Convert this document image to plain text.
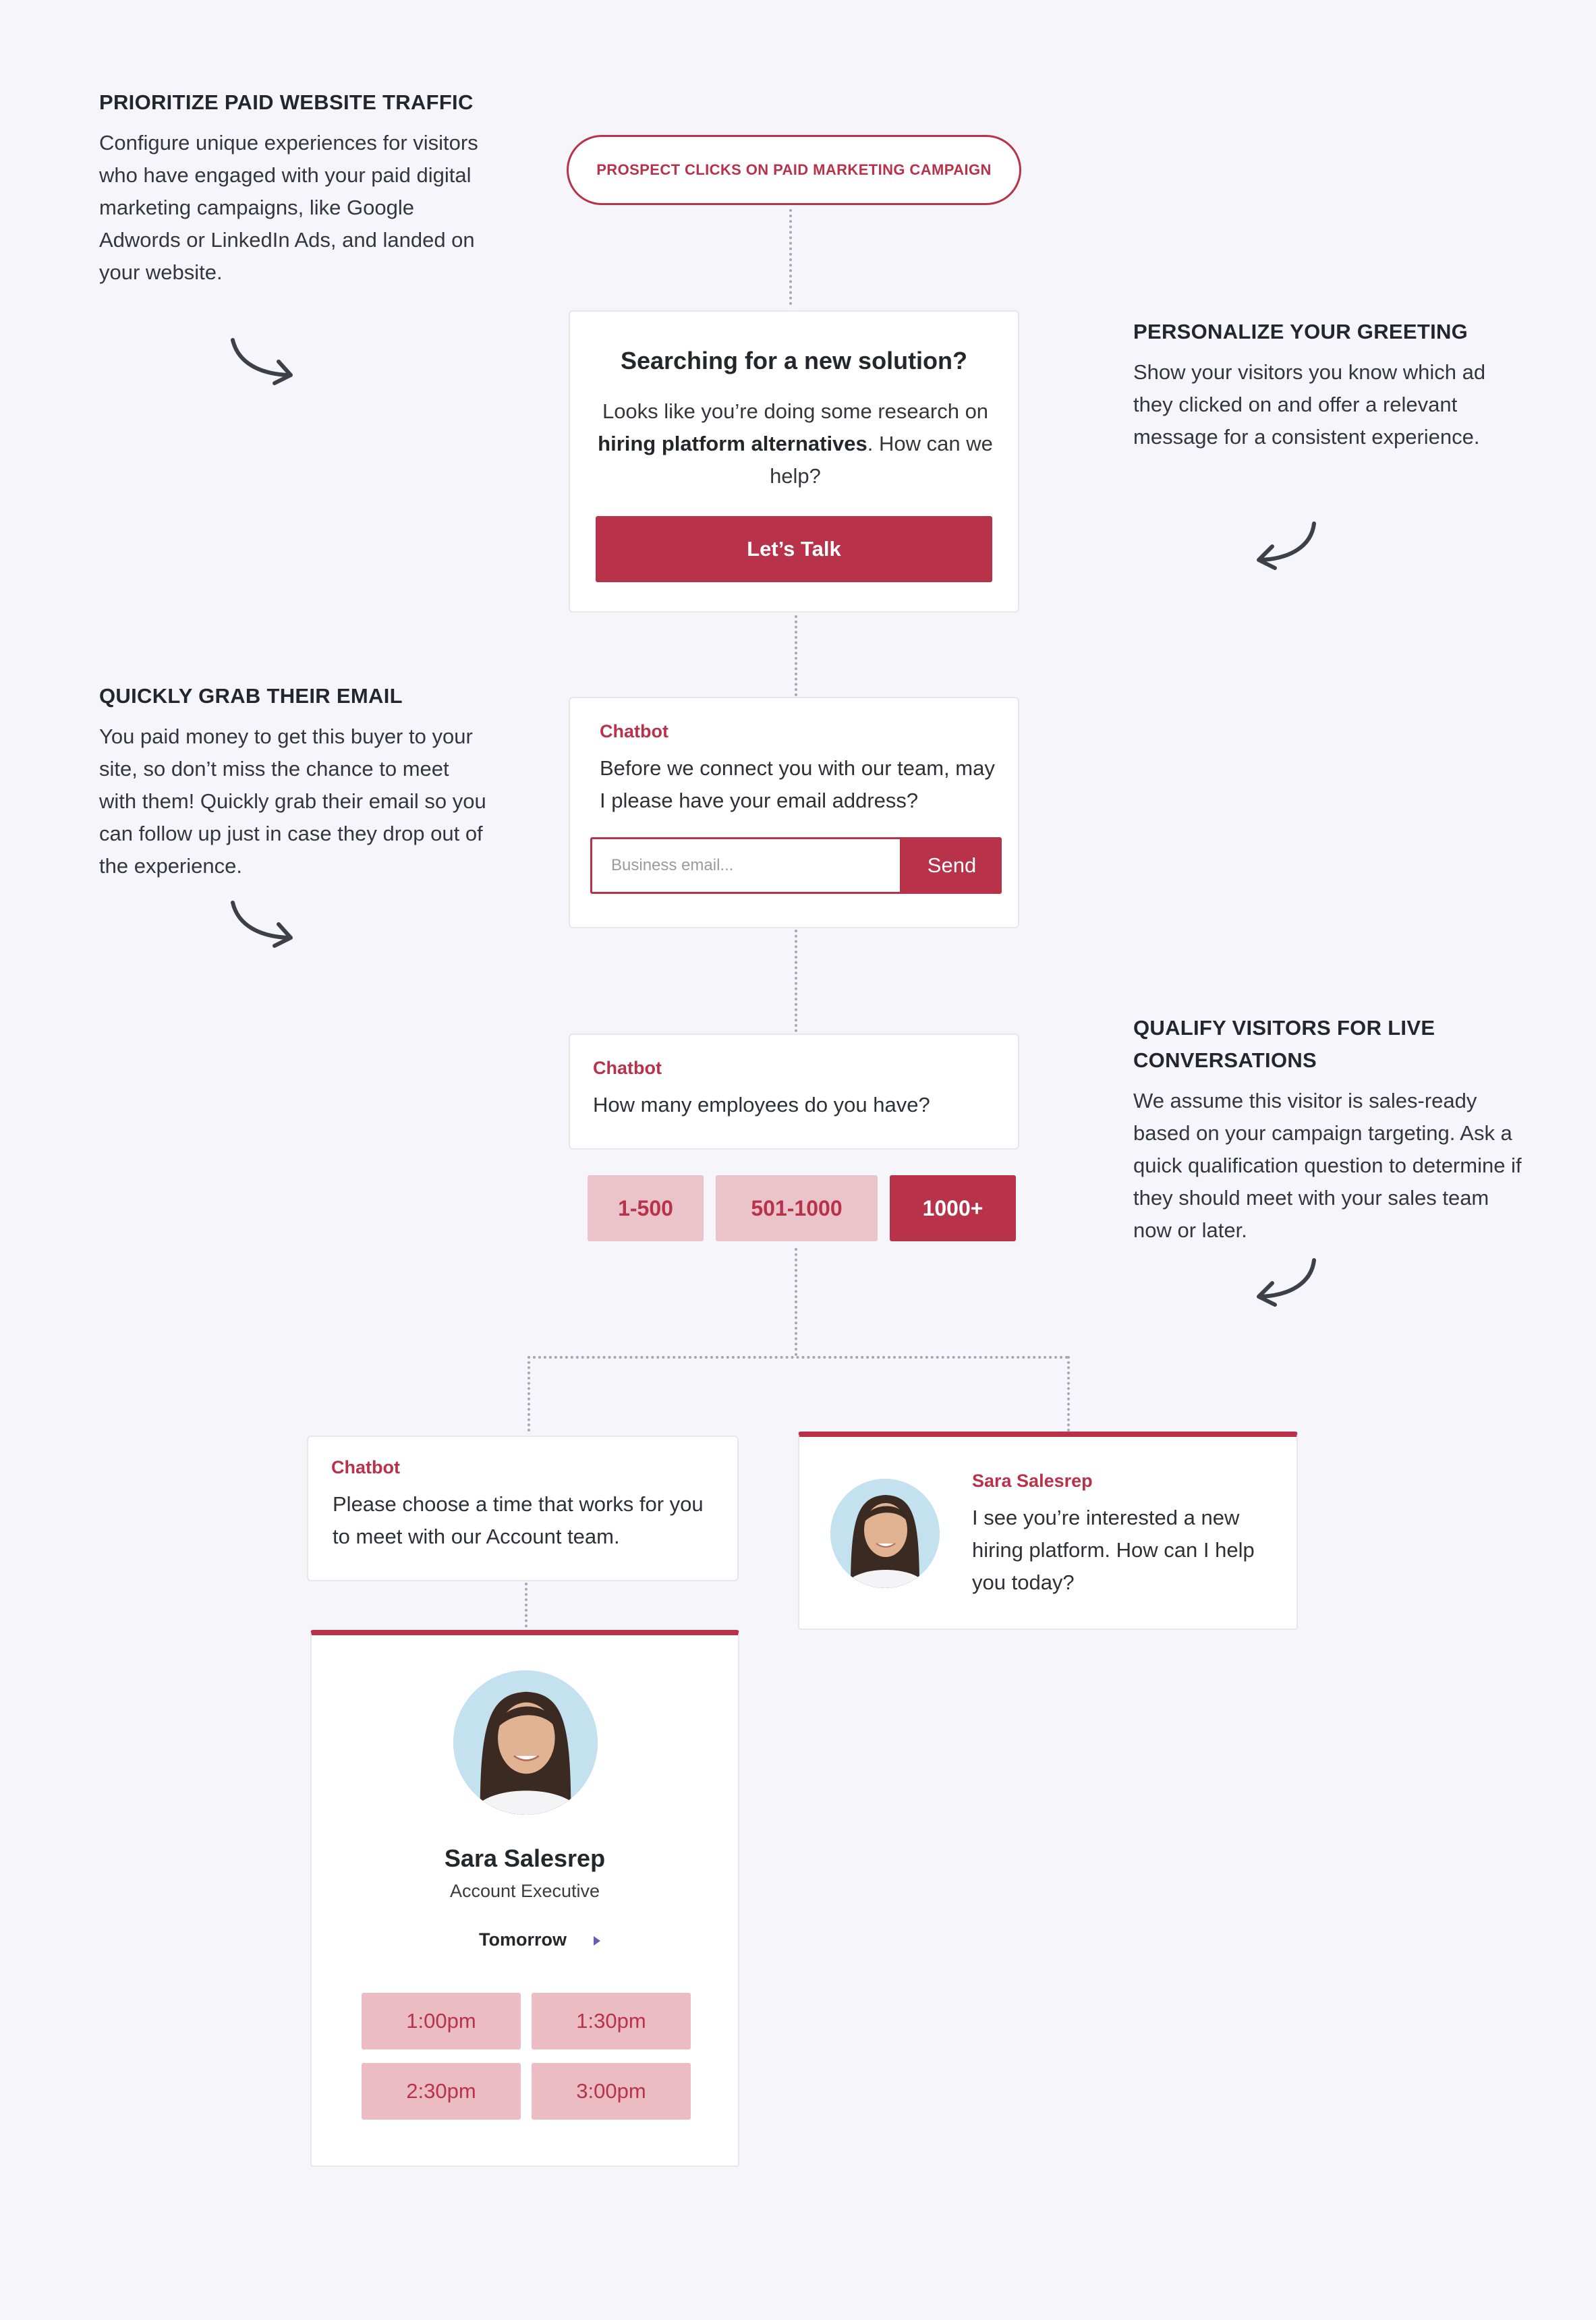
PRIORITIZE PAID WEBSITE TRAFFIC
Configure unique experiences for visitors who have engaged with your paid digital marketing campaigns, like Google Adwords or LinkedIn Ads, and landed on your website.
PERSONALIZE YOUR GREETING
Show your visitors you know which ad they clicked on and offer a relevant message for a consistent experience.
QUICKLY GRAB THEIR EMAIL
You paid money to get this buyer to your site, so don’t miss the chance to meet with them! Quickly grab their email so you can follow up just in case they drop out of the experience.
QUALIFY VISITORS FOR LIVE CONVERSATIONS
We assume this visitor is sales-ready based on your campaign targeting. Ask a quick qualification question to determine if they should meet with your sales team now or later.
PROSPECT CLICKS ON PAID MARKETING CAMPAIGN
Searching for a new solution?
Looks like you’re doing some research on hiring platform alternatives. How can we help?
Let’s Talk
Chatbot
Before we connect you with our team, may I please have your email address?
Business email...	Send
Chatbot
How many employees do you have?
1-500	501-1000	1000+
Chatbot
Please choose a time that works for you to meet with our Account team.
Sara Salesrep
I see you’re interested a new hiring platform. How can I help you today?
Sara Salesrep
Account Executive
Tomorrow
1:00pm	1:30pm
2:30pm	3:00pm
